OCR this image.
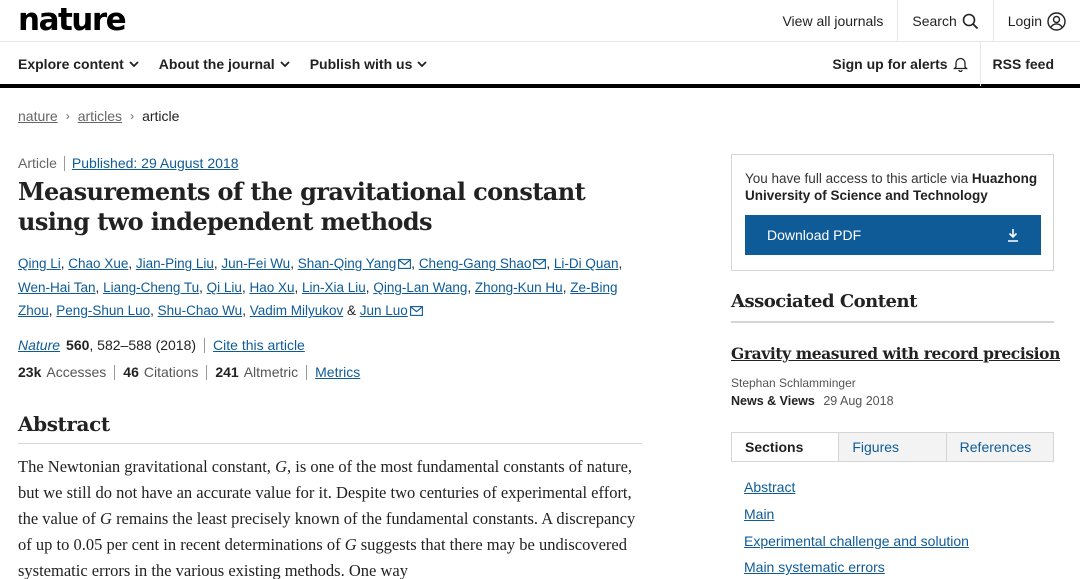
nature	View all journals Search	Login
Explore content	About the journal	Publish with us	Sign up for alerts	RSS feed
nature › articles › article
Article Published: 29 August 2018
Measurements of the gravitational constant using two independent methods
Qing Li, Chao Xue, Jian-Ping Liu, Jun-Fei Wu, Shan-Qing Yang , Cheng-Gang Shao , Li-Di Quan, Wen-Hai Tan, Liang-Cheng Tu, Qi Liu, Hao Xu, Lin-Xia Liu, Qing-Lan Wang, Zhong-Kun Hu, Ze-Bing Zhou, Peng-Shun Luo, Shu-Chao Wu, Vadim Milyukov & Jun Luo
Nature 560 , 582–588 (2018) Cite this article
23k Accesses 46 Citations 241 Altmetric Metrics
Abstract

The Newtonian gravitational constant, G, is one of the most fundamental constants of nature, but we still do not have an accurate value for it. Despite two centuries of experimental effort, the value of G remains the least precisely known of the fundamental constants. A discrepancy of up to 0.05 per cent in recent determinations of G suggests that there may be undiscovered systematic errors in the various existing methods. One way

You have full access to this article via Huazhong University of Science and Technology
Download PDF
Associated Content
Gravity measured with record precision
Stephan Schlamminger
News & Views 29 Aug 2018
Sections	Figures	References
Abstract
Main
Experimental challenge and solution
Main systematic errors
